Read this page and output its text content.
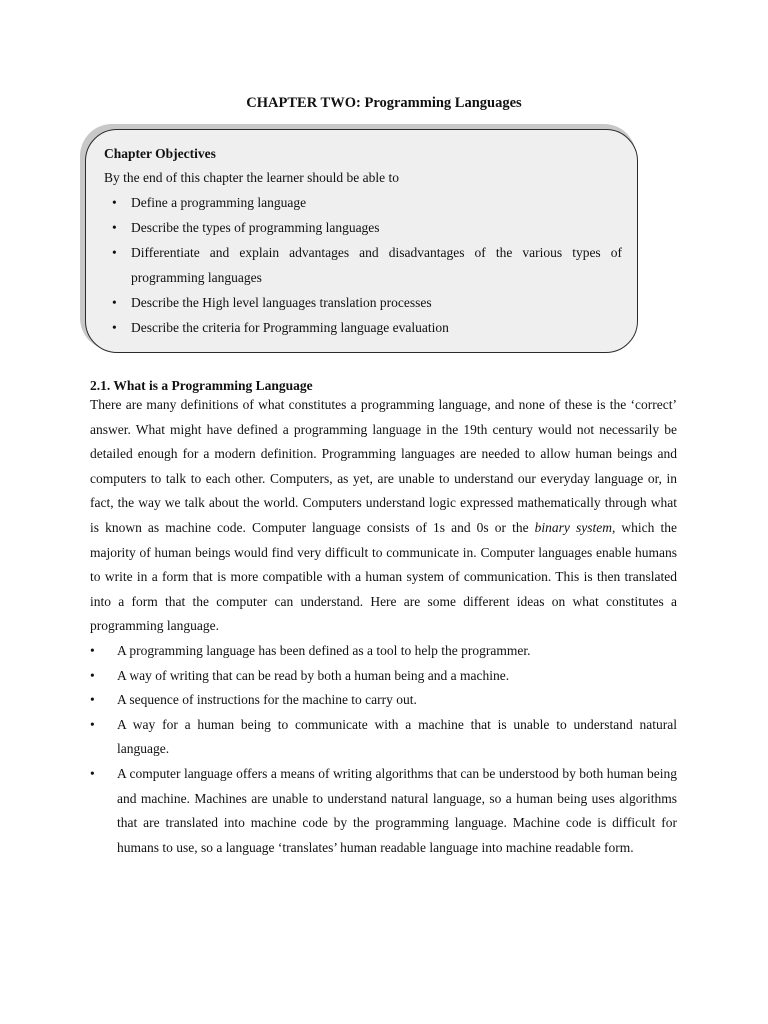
CHAPTER TWO: Programming Languages
Chapter Objectives
By the end of this chapter the learner should be able to
• Define a programming language
• Describe the types of programming languages
• Differentiate and explain advantages and disadvantages of the various types of programming languages
• Describe the High level languages translation processes
• Describe the criteria for Programming language evaluation
2.1. What is a Programming Language

There are many definitions of what constitutes a programming language, and none of these is the ‘correct’ answer. What might have defined a programming language in the 19th century would not necessarily be detailed enough for a modern definition. Programming languages are needed to allow human beings and computers to talk to each other. Computers, as yet, are unable to understand our everyday language or, in fact, the way we talk about the world. Computers understand logic expressed mathematically through what is known as machine code. Computer language consists of 1s and 0s or the binary system, which the majority of human beings would find very difficult to communicate in. Computer languages enable humans to write in a form that is more compatible with a human system of communication. This is then translated into a form that the computer can understand. Here are some different ideas on what constitutes a programming language.

• A programming language has been defined as a tool to help the programmer.
• A way of writing that can be read by both a human being and a machine.
• A sequence of instructions for the machine to carry out.
• A way for a human being to communicate with a machine that is unable to understand natural language.
• A computer language offers a means of writing algorithms that can be understood by both human being and machine. Machines are unable to understand natural language, so a human being uses algorithms that are translated into machine code by the programming language. Machine code is difficult for humans to use, so a language ‘translates’ human readable language into machine readable form.
